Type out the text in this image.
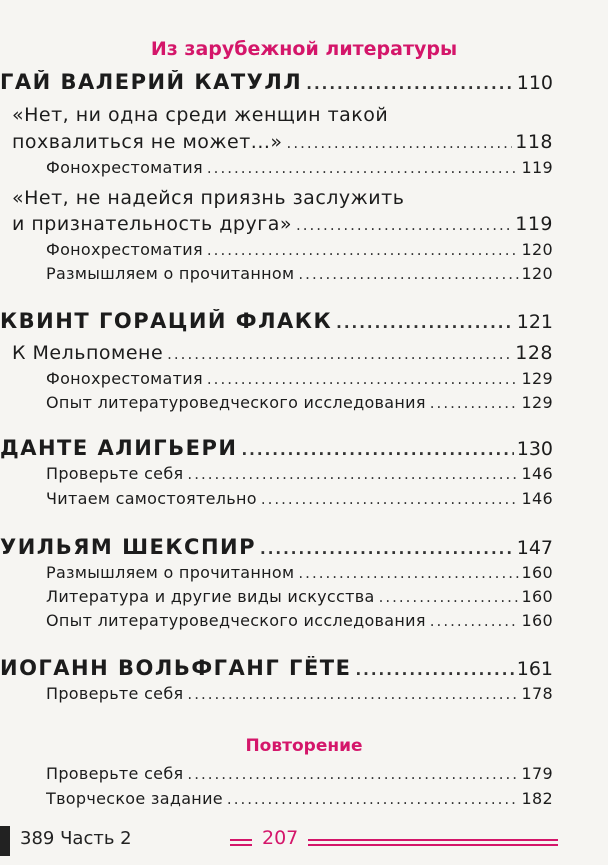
Из зарубежной литературы
ГАЙ ВАЛЕРИЙ КАТУЛЛ .....	110
«Нет, ни одна среди женщин такой
похвалиться не может...» .....	118
Фонохрестоматия .....	119
«Нет, не надейся приязнь заслужить
и признательность друга» .....	119
Фонохрестоматия .....	120
Размышляем о прочитанном .....	120
КВИНТ ГОРАЦИЙ ФЛАКК .....	121
К Мельпомене .....	128
Фонохрестоматия .....	129
Опыт литературоведческого исследования .....	129
ДАНТЕ АЛИГЬЕРИ .....	130
Проверьте себя .....	146
Читаем самостоятельно .....	146
УИЛЬЯМ ШЕКСПИР .....	147
Размышляем о прочитанном .....	160
Литература и другие виды искусства .....	160
Опыт литературоведческого исследования .....	160
ИОГАНН ВОЛЬФГАНГ ГЁТЕ .....	161
Проверьте себя .....	178
Повторение
Проверьте себя .....	179
Творческое задание .....	182
389 Часть 2	207
